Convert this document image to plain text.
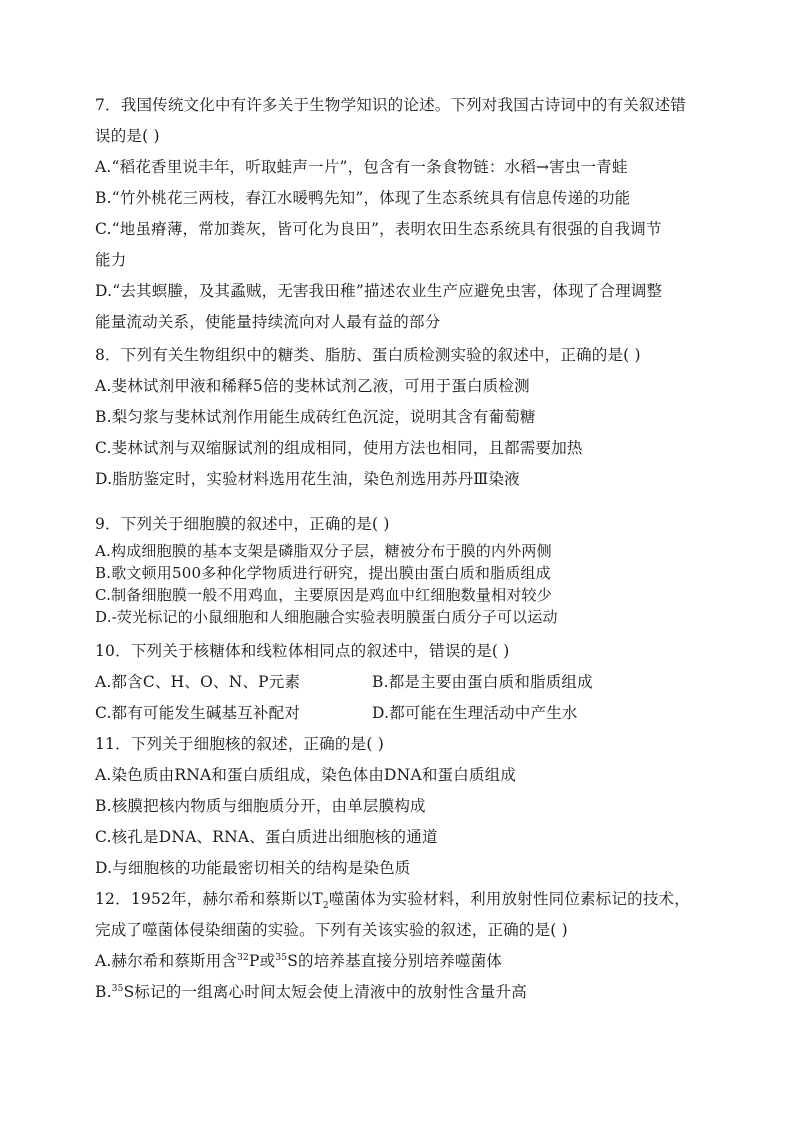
7．我国传统文化中有许多关于生物学知识的论述。下列对我国古诗词中的有关叙述错
误的是( )
A.“稻花香里说丰年，听取蛙声一片”，包含有一条食物链：水稻→害虫一青蛙
B.“竹外桃花三两枝，春江水暖鸭先知”，体现了生态系统具有信息传递的功能
C.“地虽瘠薄，常加粪灰，皆可化为良田”，表明农田生态系统具有很强的自我调节
能力
D.“去其螟螣，及其蟊贼，无害我田稚”描述农业生产应避免虫害，体现了合理调整
能量流动关系，使能量持续流向对人最有益的部分
8．下列有关生物组织中的糖类、脂肪、蛋白质检测实验的叙述中，正确的是( )
A.斐林试剂甲液和稀释5倍的斐林试剂乙液，可用于蛋白质检测
B.梨匀浆与斐林试剂作用能生成砖红色沉淀，说明其含有葡萄糖
C.斐林试剂与双缩脲试剂的组成相同，使用方法也相同，且都需要加热
D.脂肪鉴定时，实验材料选用花生油，染色剂选用苏丹Ⅲ染液
9．下列关于细胞膜的叙述中，正确的是( )
A.构成细胞膜的基本支架是磷脂双分子层，糖被分布于膜的内外两侧
B.歌文顿用500多种化学物质进行研究，提出膜由蛋白质和脂质组成
C.制备细胞膜一般不用鸡血，主要原因是鸡血中红细胞数量相对较少
D.-荧光标记的小鼠细胞和人细胞融合实验表明膜蛋白质分子可以运动
10．下列关于核糖体和线粒体相同点的叙述中，错误的是( )
A.都含C、H、O、N、P元素	B.都是主要由蛋白质和脂质组成
C.都有可能发生碱基互补配对	D.都可能在生理活动中产生水
11．下列关于细胞核的叙述，正确的是( )
A.染色质由RNA和蛋白质组成，染色体由DNA和蛋白质组成
B.核膜把核内物质与细胞质分开，由单层膜构成
C.核孔是DNA、RNA、蛋白质进出细胞核的通道
D.与细胞核的功能最密切相关的结构是染色质
12．1952年，赫尔希和蔡斯以$T_2$噬菌体为实验材料，利用放射性同位素标记的技术，
完成了噬菌体侵染细菌的实验。下列有关该实验的叙述，正确的是( )
A.赫尔希和蔡斯用含$^{32}$P或$^{35}$S的培养基直接分别培养噬菌体
B.$^{35}$S标记的一组离心时间太短会使上清液中的放射性含量升高
